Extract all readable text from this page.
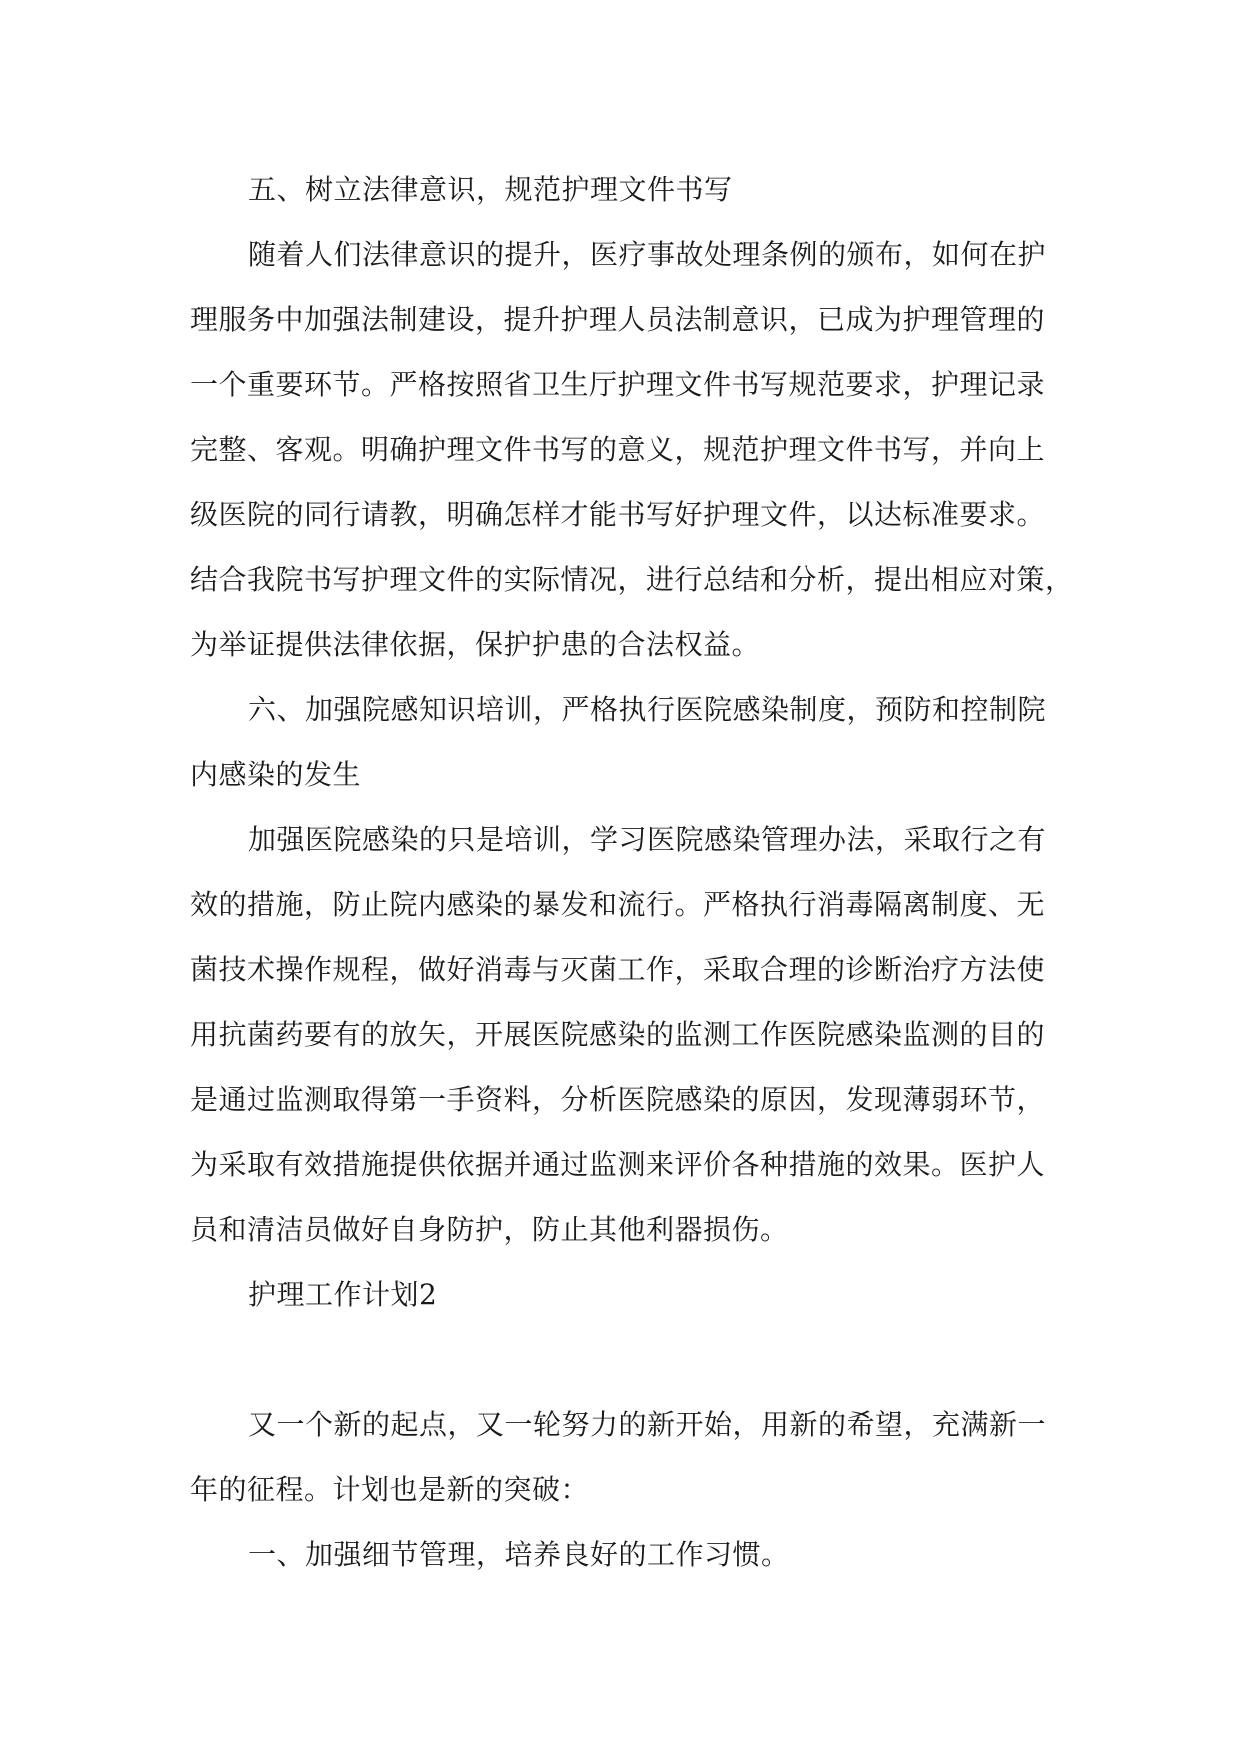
五、树立法律意识，规范护理文件书写
随着人们法律意识的提升，医疗事故处理条例的颁布，如何在护
理服务中加强法制建设，提升护理人员法制意识，已成为护理管理的
一个重要环节。严格按照省卫生厅护理文件书写规范要求，护理记录
完整、客观。明确护理文件书写的意义，规范护理文件书写，并向上
级医院的同行请教，明确怎样才能书写好护理文件，以达标准要求。
结合我院书写护理文件的实际情况，进行总结和分析，提出相应对策，
为举证提供法律依据，保护护患的合法权益。
六、加强院感知识培训，严格执行医院感染制度，预防和控制院
内感染的发生
加强医院感染的只是培训，学习医院感染管理办法，采取行之有
效的措施，防止院内感染的暴发和流行。严格执行消毒隔离制度、无
菌技术操作规程，做好消毒与灭菌工作，采取合理的诊断治疗方法使
用抗菌药要有的放矢，开展医院感染的监测工作医院感染监测的目的
是通过监测取得第一手资料，分析医院感染的原因，发现薄弱环节，
为采取有效措施提供依据并通过监测来评价各种措施的效果。医护人
员和清洁员做好自身防护，防止其他利器损伤。
护理工作计划2
又一个新的起点，又一轮努力的新开始，用新的希望，充满新一
年的征程。计划也是新的突破：
一、加强细节管理，培养良好的工作习惯。
